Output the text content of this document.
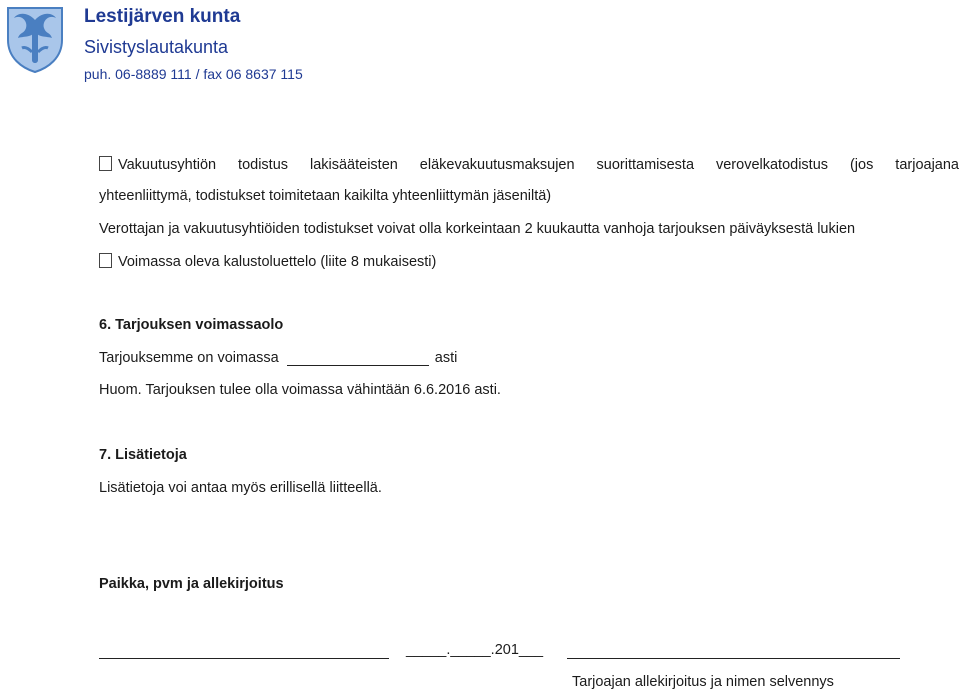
Lestijärven kunta
Sivistyslautakunta
puh. 06-8889 111 / fax 06 8637 115
Vakuutusyhtiön todistus lakisääteisten eläkevakuutusmaksujen suorittamisesta verovelkatodistus (jos tarjoajana
yhteenliittymä, todistukset toimitetaan kaikilta yhteenliittymän jäseniltä)
Verottajan ja vakuutusyhtiöiden todistukset voivat olla korkeintaan 2 kuukautta vanhoja tarjouksen päiväyksestä lukien
Voimassa oleva kalustoluettelo (liite 8 mukaisesti)
6. Tarjouksen voimassaolo
Tarjouksemme on voimassa	asti
Huom. Tarjouksen tulee olla voimassa vähintään 6.6.2016 asti.
7. Lisätietoja
Lisätietoja voi antaa myös erillisellä liitteellä.
Paikka, pvm ja allekirjoitus
_____._____.201___
Tarjoajan allekirjoitus ja nimen selvennys
